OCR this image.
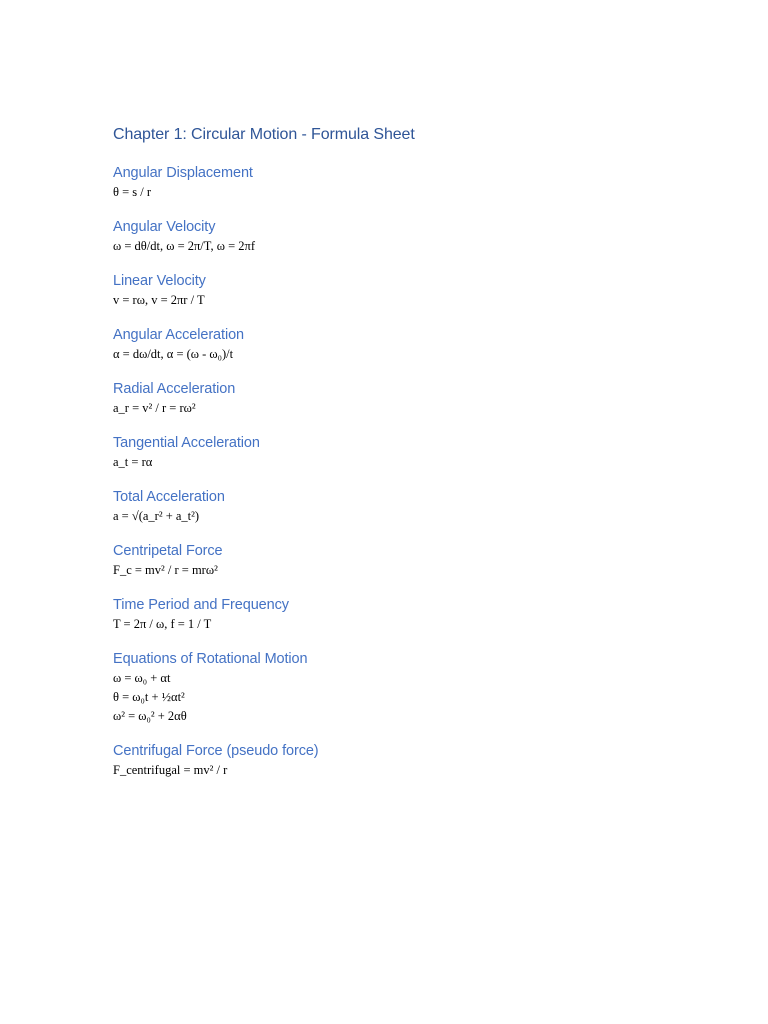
Chapter 1: Circular Motion - Formula Sheet
Angular Displacement

θ = s / r

Angular Velocity

ω = dθ/dt, ω = 2π/T, ω = 2πf

Linear Velocity

v = rω, v = 2πr / T

Angular Acceleration

α = dω/dt, α = (ω - ω₀)/t

Radial Acceleration

a_r = v² / r = rω²

Tangential Acceleration

a_t = rα

Total Acceleration

a = √(a_r² + a_t²)

Centripetal Force

F_c = mv² / r = mrω²

Time Period and Frequency

T = 2π / ω, f = 1 / T

Equations of Rotational Motion

ω = ω₀ + αt

θ = ω₀t + ½αt²

ω² = ω₀² + 2αθ

Centrifugal Force (pseudo force)

F_centrifugal = mv² / r
